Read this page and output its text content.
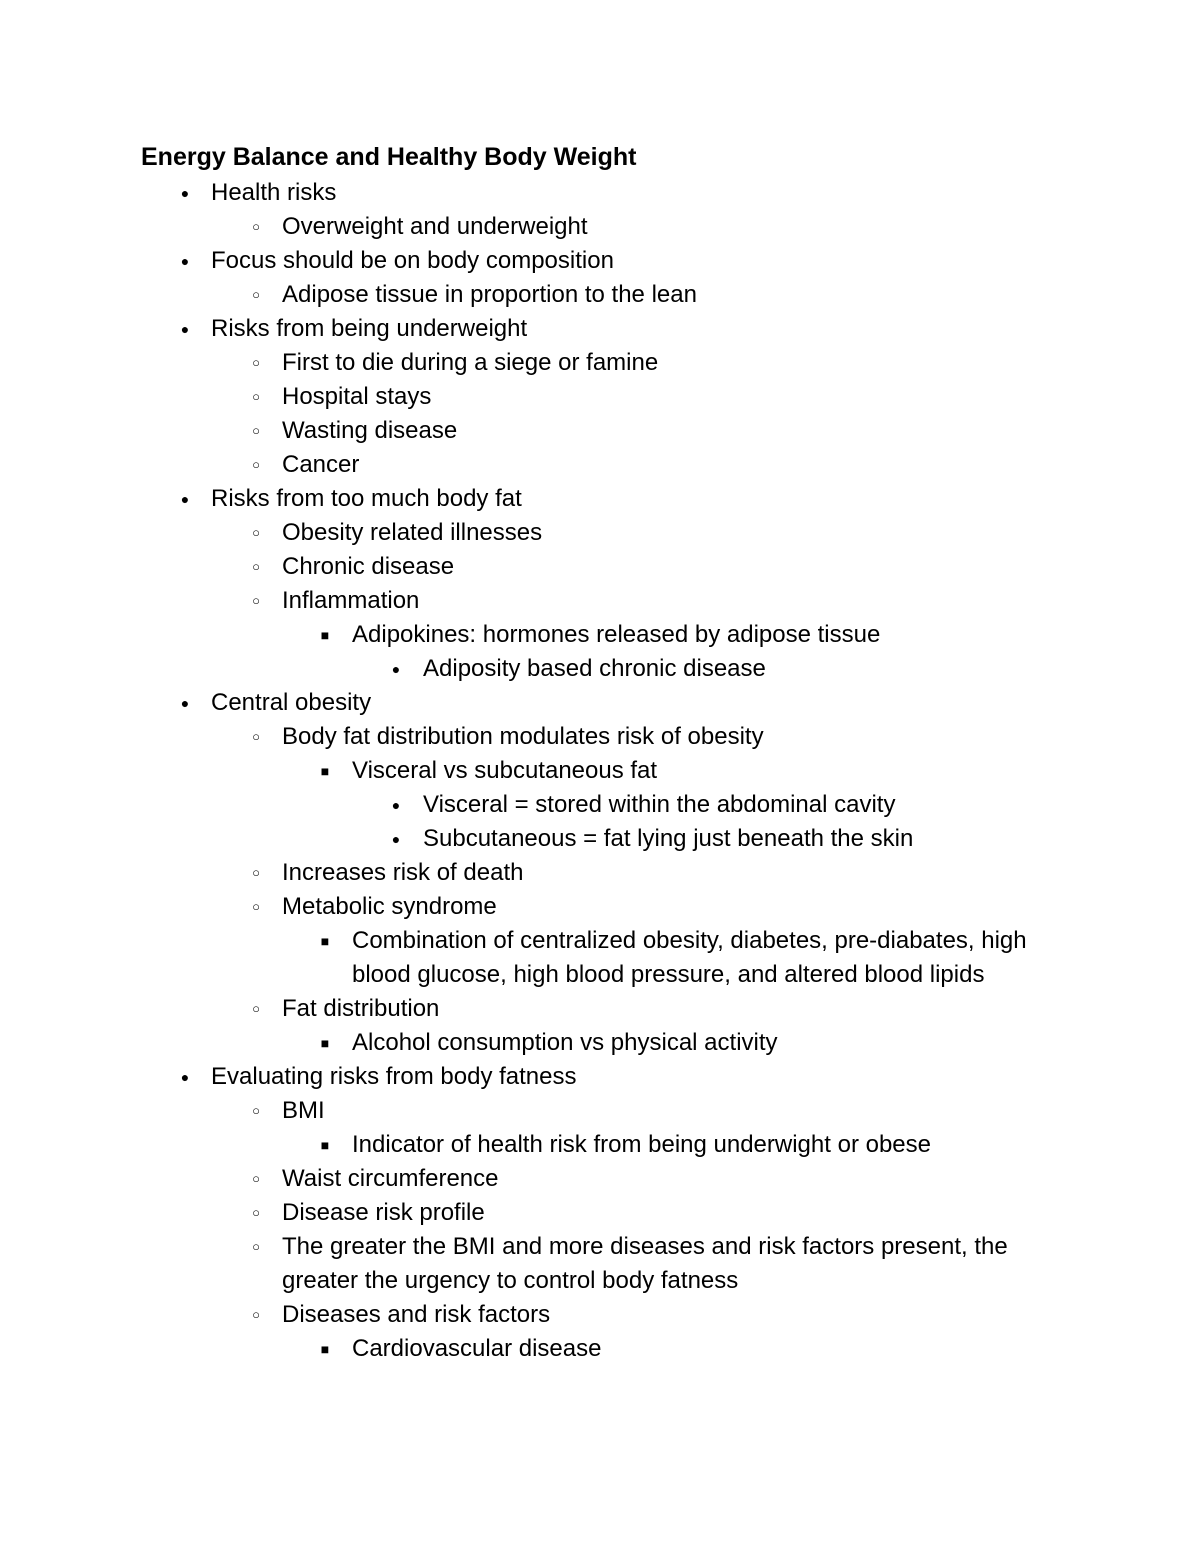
Energy Balance and Healthy Body Weight
● Health risks
○ Overweight and underweight
● Focus should be on body composition
○ Adipose tissue in proportion to the lean
● Risks from being underweight
○ First to die during a siege or famine
○ Hospital stays
○ Wasting disease
○ Cancer
● Risks from too much body fat
○ Obesity related illnesses
○ Chronic disease
○ Inflammation
■ Adipokines: hormones released by adipose tissue
● Adiposity based chronic disease
● Central obesity
○ Body fat distribution modulates risk of obesity
■ Visceral vs subcutaneous fat
● Visceral = stored within the abdominal cavity
● Subcutaneous = fat lying just beneath the skin
○ Increases risk of death
○ Metabolic syndrome
■ Combination of centralized obesity, diabetes, pre-diabates, high blood glucose, high blood pressure, and altered blood lipids
○ Fat distribution
■ Alcohol consumption vs physical activity
● Evaluating risks from body fatness
○ BMI
■ Indicator of health risk from being underwight or obese
○ Waist circumference
○ Disease risk profile
○ The greater the BMI and more diseases and risk factors present, the greater the urgency to control body fatness
○ Diseases and risk factors
■ Cardiovascular disease
